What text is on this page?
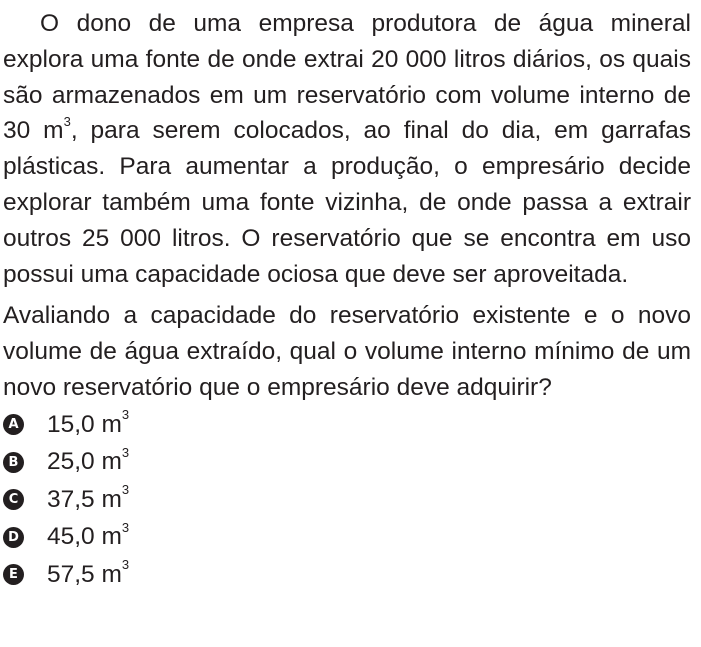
O dono de uma empresa produtora de água mineral explora uma fonte de onde extrai 20 000 litros diários, os quais são armazenados em um reservatório com volume interno de 30 $m^3$, para serem colocados, ao final do dia, em garrafas plásticas. Para aumentar a produção, o empresário decide explorar também uma fonte vizinha, de onde passa a extrair outros 25 000 litros. O reservatório que se encontra em uso possui uma capacidade ociosa que deve ser aproveitada.

Avaliando a capacidade do reservatório existente e o novo volume de água extraído, qual o volume interno mínimo de um novo reservatório que o empresário deve adquirir?

A 15,0 $m^3$
B 25,0 $m^3$
C 37,5 $m^3$
D 45,0 $m^3$
E 57,5 $m^3$
